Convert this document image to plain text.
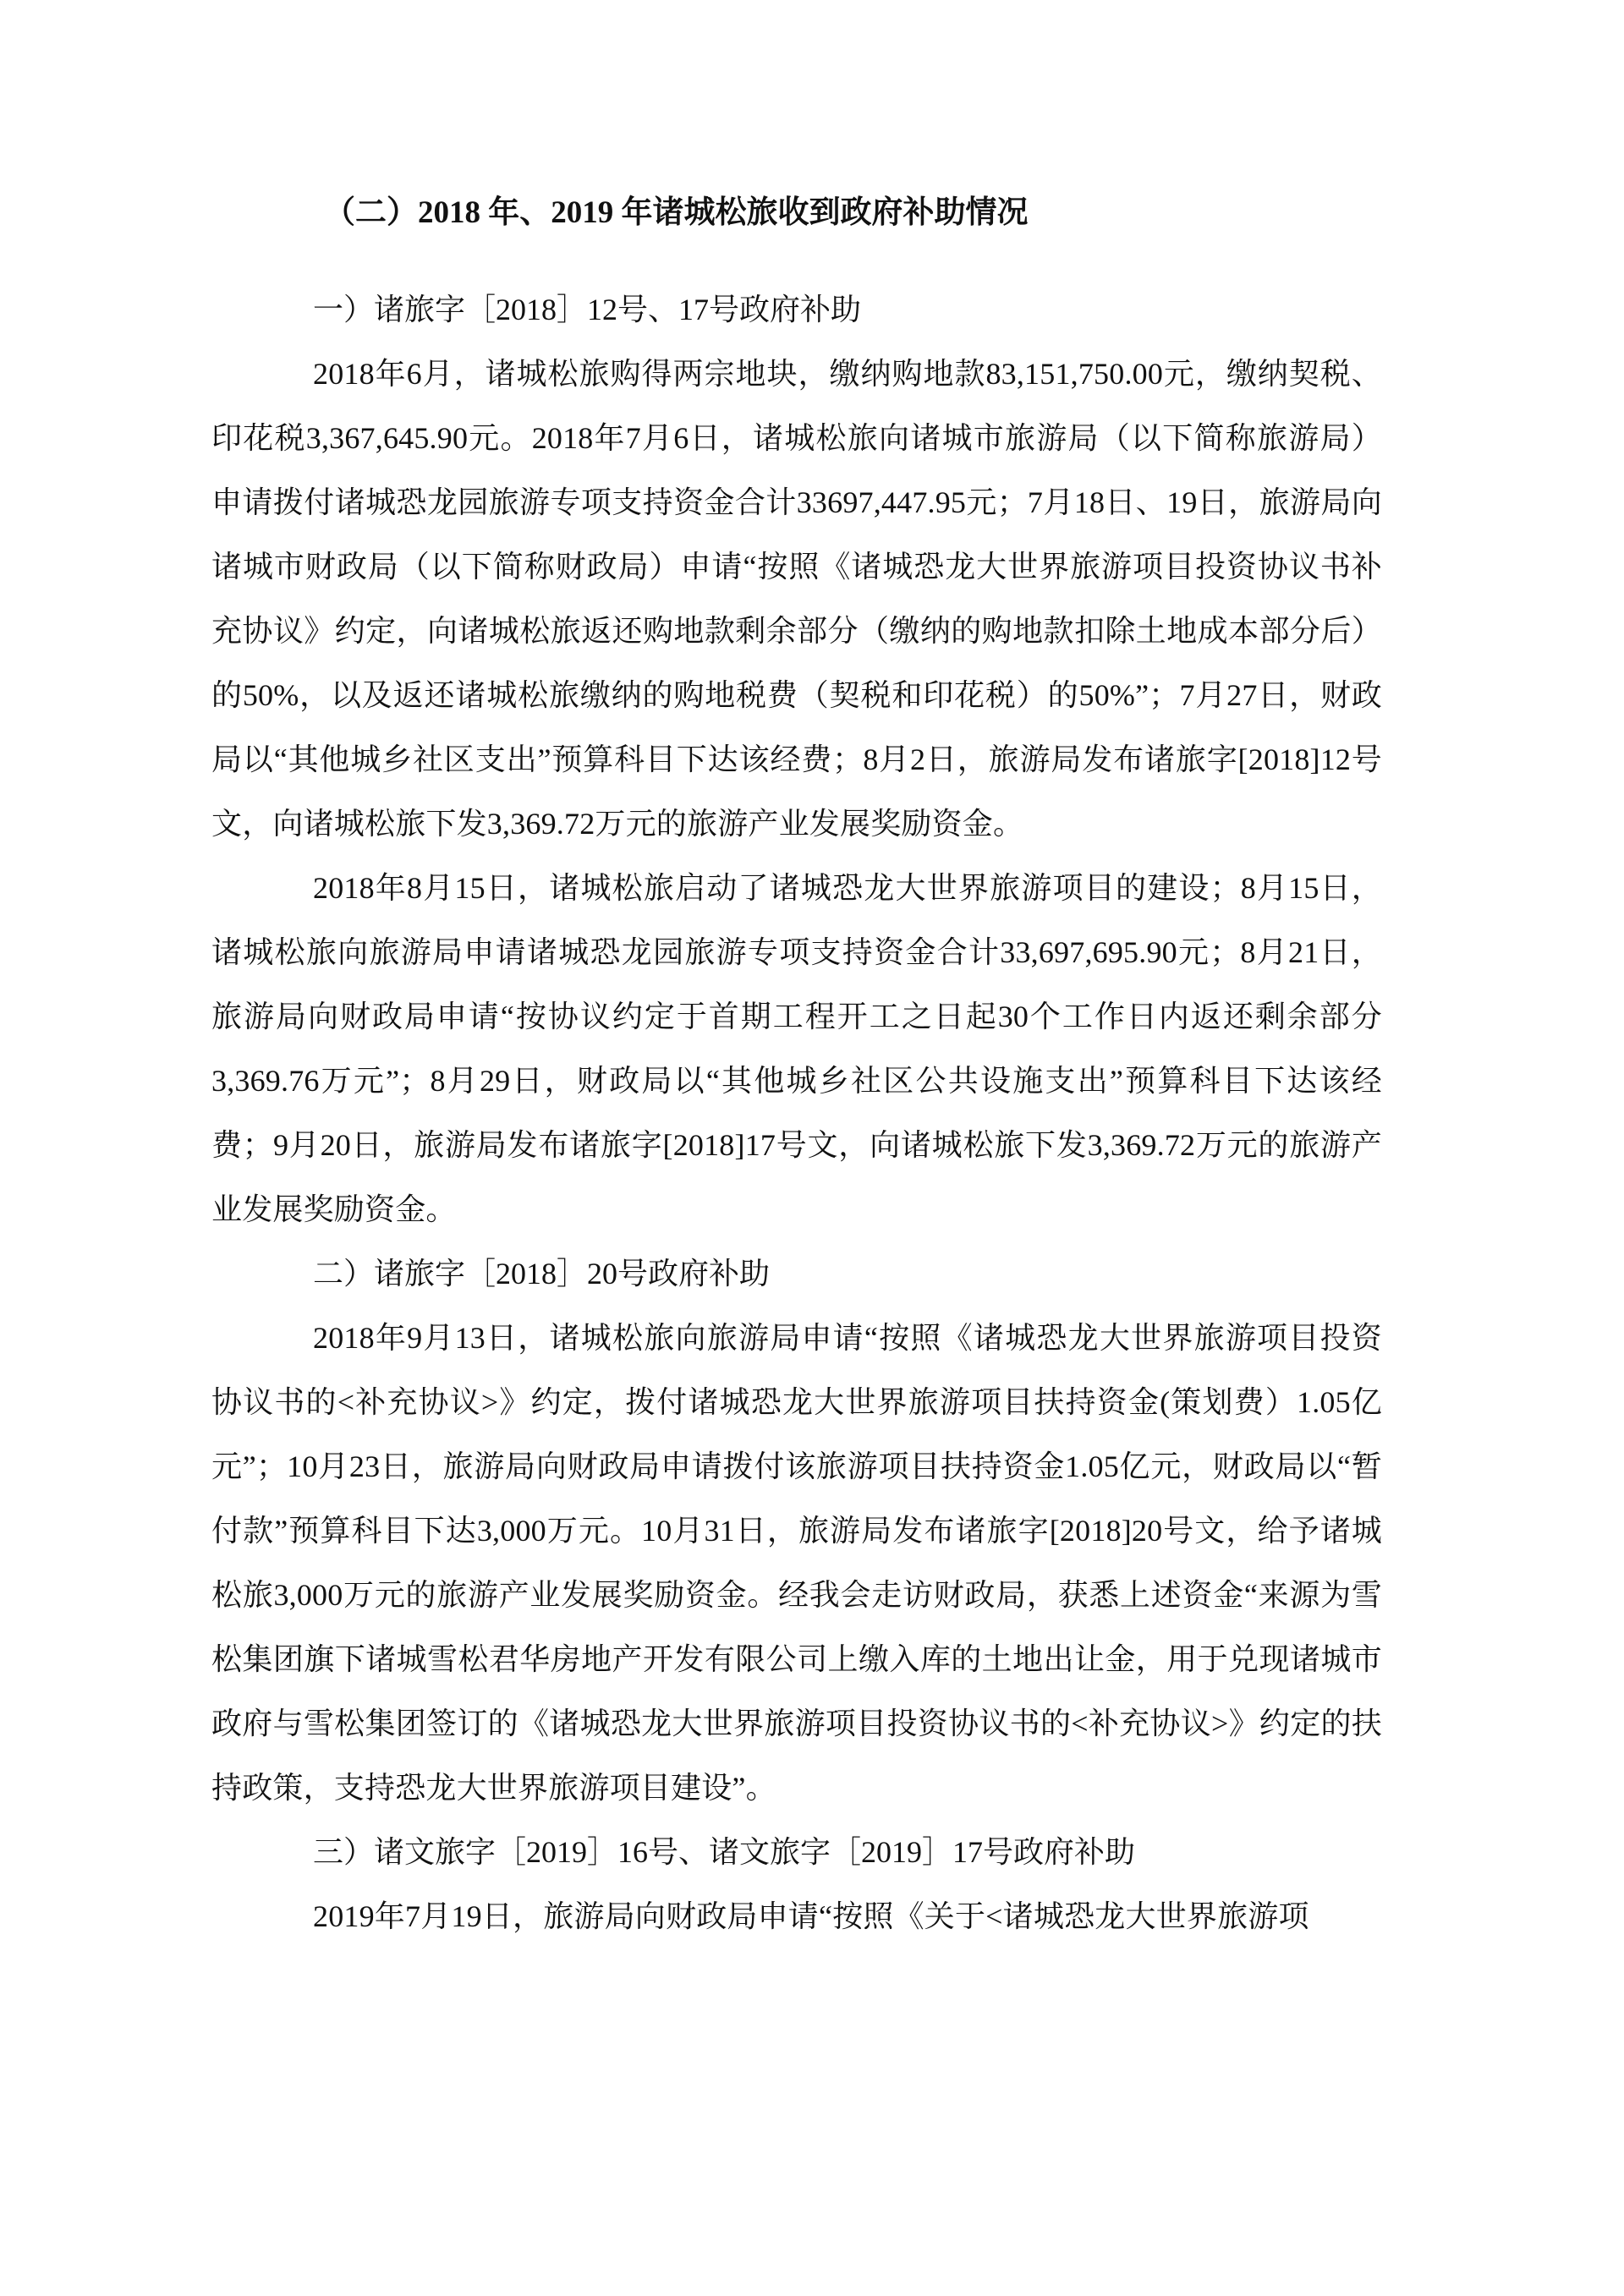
（二）2018 年、2019 年诸城松旅收到政府补助情况

一）诸旅字［2018］12号、17号政府补助

2018年6月，诸城松旅购得两宗地块，缴纳购地款83,151,750.00元，缴纳契税、印花税3,367,645.90元。2018年7月6日，诸城松旅向诸城市旅游局（以下简称旅游局）申请拨付诸城恐龙园旅游专项支持资金合计33697,447.95元；7月18日、19日，旅游局向诸城市财政局（以下简称财政局）申请“按照《诸城恐龙大世界旅游项目投资协议书补充协议》约定，向诸城松旅返还购地款剩余部分（缴纳的购地款扣除土地成本部分后）的50%，以及返还诸城松旅缴纳的购地税费（契税和印花税）的50%”；7月27日，财政局以“其他城乡社区支出”预算科目下达该经费；8月2日，旅游局发布诸旅字[2018]12号文，向诸城松旅下发3,369.72万元的旅游产业发展奖励资金。

2018年8月15日，诸城松旅启动了诸城恐龙大世界旅游项目的建设；8月15日，诸城松旅向旅游局申请诸城恐龙园旅游专项支持资金合计33,697,695.90元；8月21日，旅游局向财政局申请“按协议约定于首期工程开工之日起30个工作日内返还剩余部分3,369.76万元”；8月29日，财政局以“其他城乡社区公共设施支出”预算科目下达该经费；9月20日，旅游局发布诸旅字[2018]17号文，向诸城松旅下发3,369.72万元的旅游产业发展奖励资金。

二）诸旅字［2018］20号政府补助

2018年9月13日，诸城松旅向旅游局申请“按照《诸城恐龙大世界旅游项目投资协议书的<补充协议>》约定，拨付诸城恐龙大世界旅游项目扶持资金(策划费）1.05亿元”；10月23日，旅游局向财政局申请拨付该旅游项目扶持资金1.05亿元，财政局以“暂付款”预算科目下达3,000万元。10月31日，旅游局发布诸旅字[2018]20号文，给予诸城松旅3,000万元的旅游产业发展奖励资金。经我会走访财政局，获悉上述资金“来源为雪松集团旗下诸城雪松君华房地产开发有限公司上缴入库的土地出让金，用于兑现诸城市政府与雪松集团签订的《诸城恐龙大世界旅游项目投资协议书的<补充协议>》约定的扶持政策，支持恐龙大世界旅游项目建设”。

三）诸文旅字［2019］16号、诸文旅字［2019］17号政府补助

2019年7月19日，旅游局向财政局申请“按照《关于<诸城恐龙大世界旅游项
